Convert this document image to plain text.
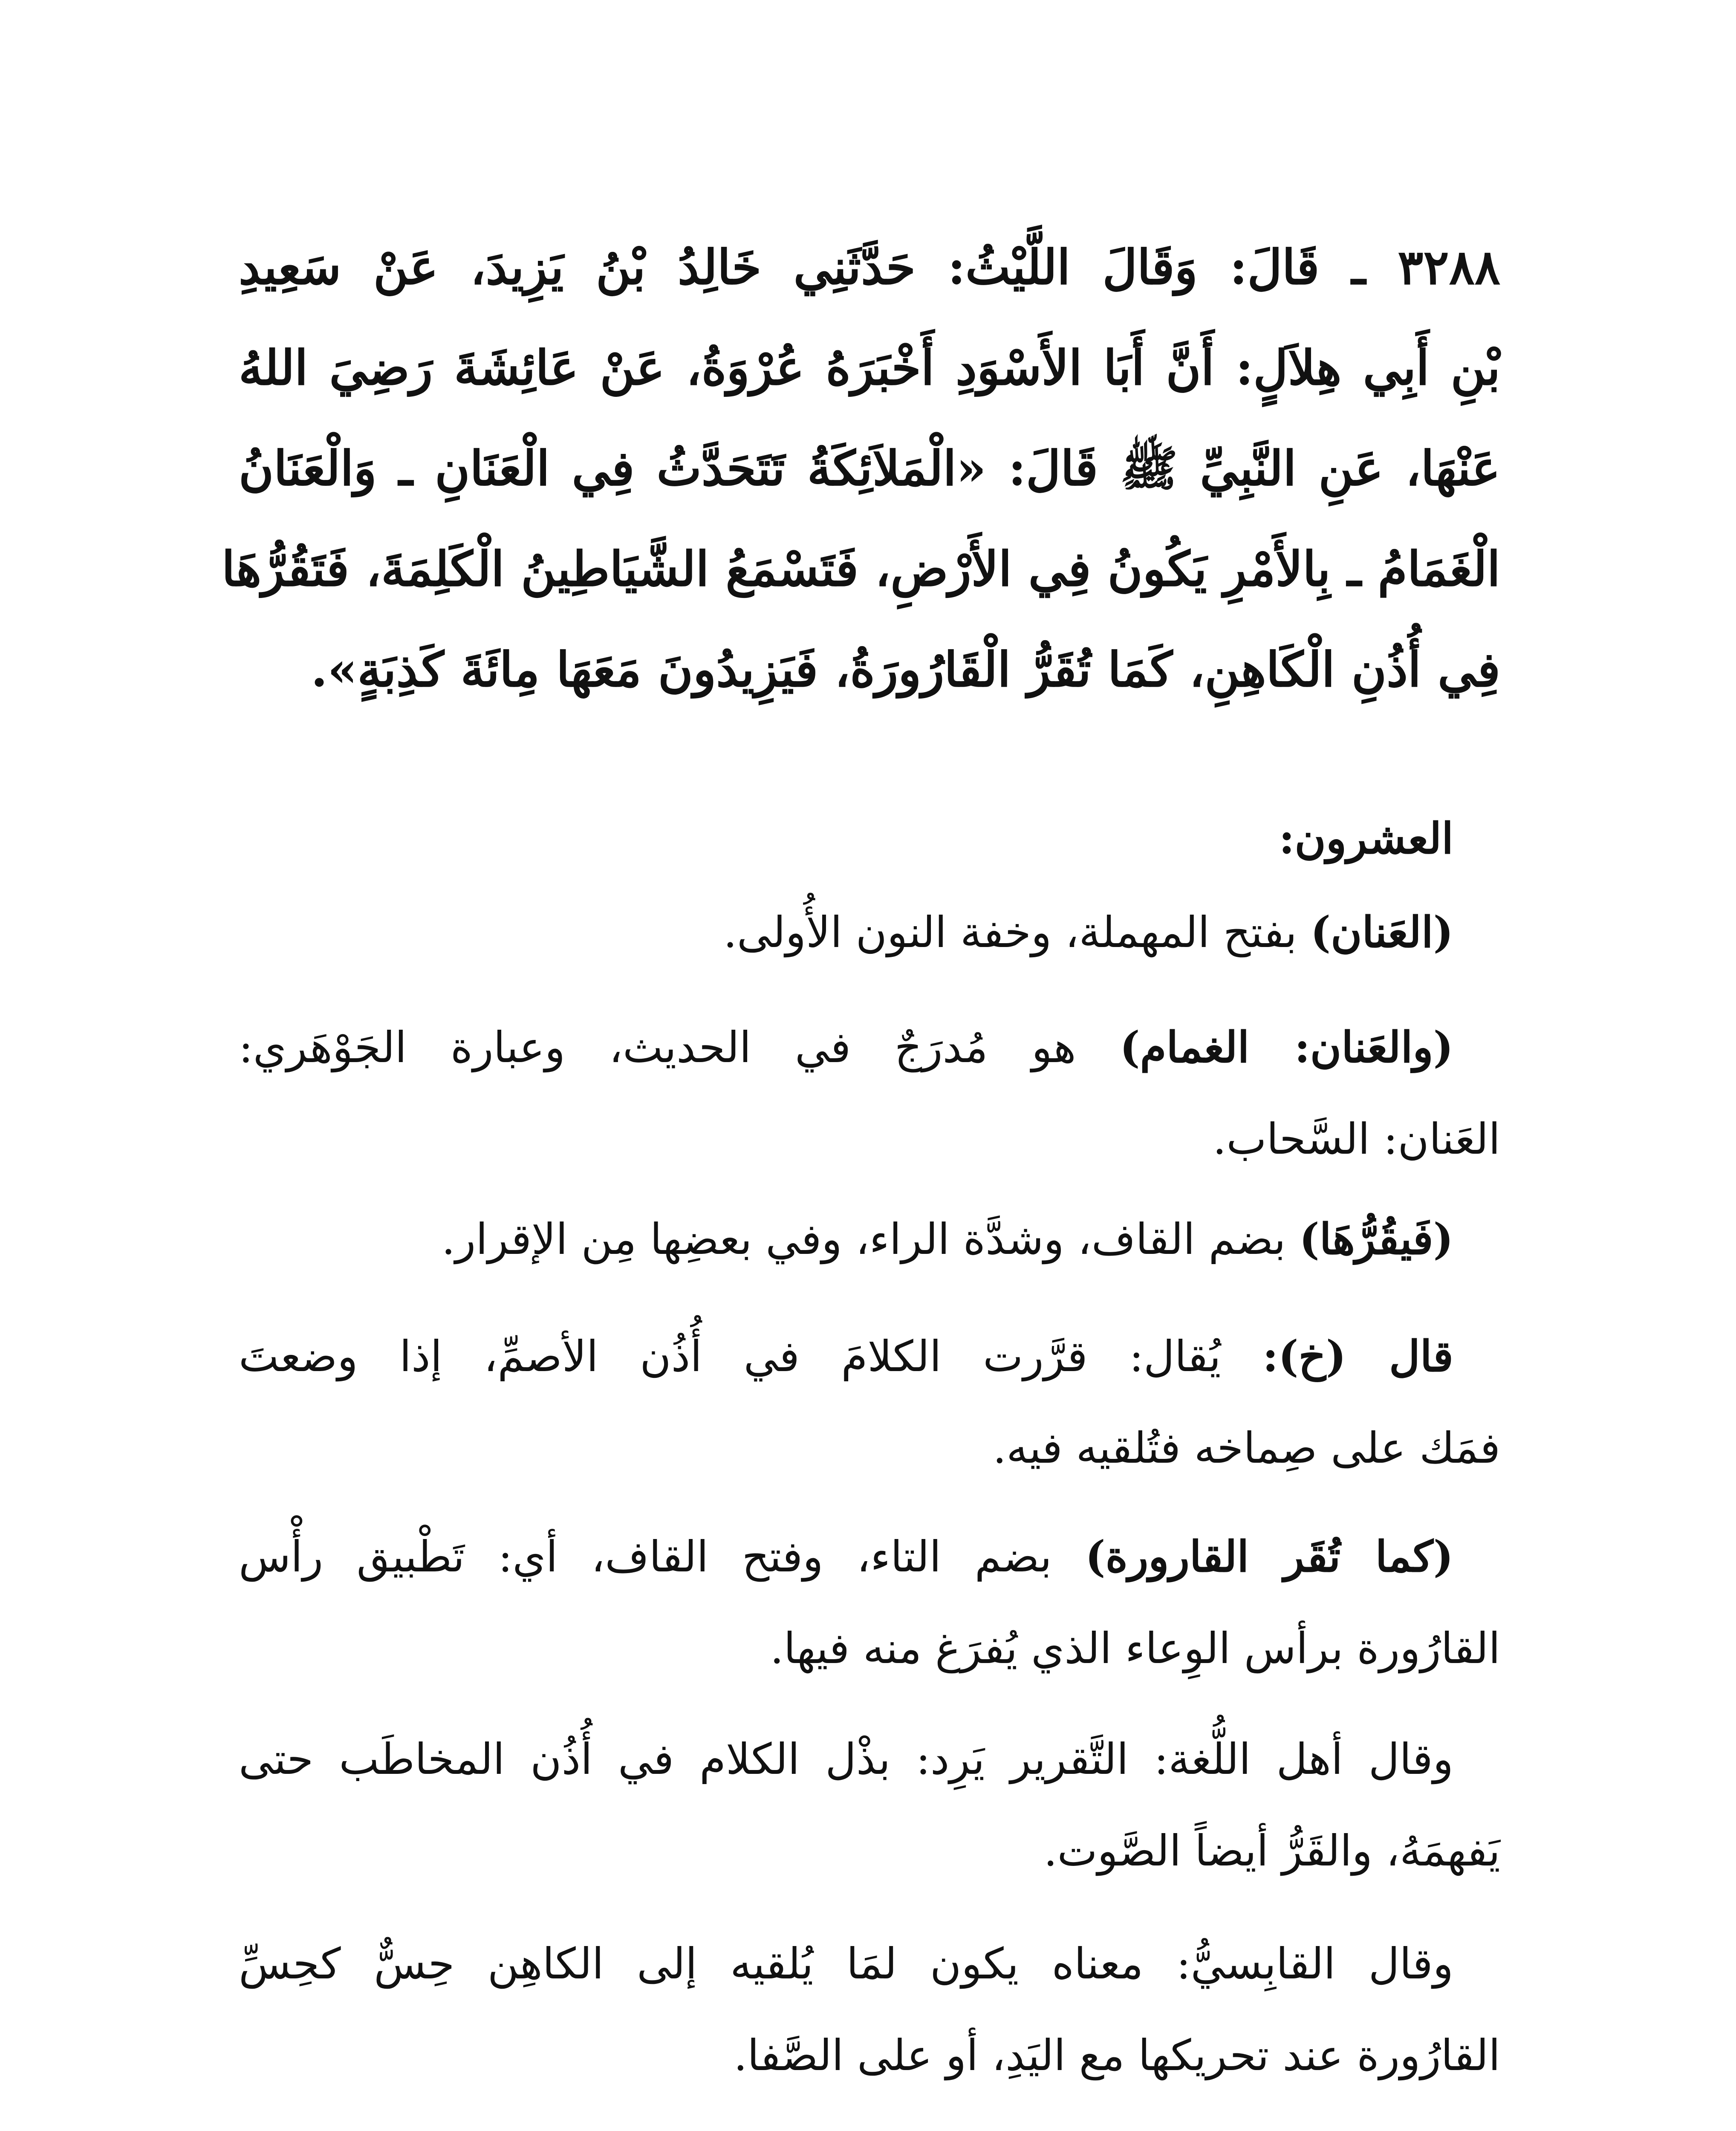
٣٢٨٨ ـ قَالَ: وَقَالَ اللَّيْثُ: حَدَّثَنِي خَالِدُ بْنُ يَزِيدَ، عَنْ سَعِيدِ
بْنِ أَبِي هِلاَلٍ: أَنَّ أَبَا الأَسْوَدِ أَخْبَرَهُ عُرْوَةُ، عَنْ عَائِشَةَ رَضِيَ اللهُ
عَنْهَا، عَنِ النَّبِيِّ ﷺ قَالَ: «الْمَلاَئِكَةُ تَتَحَدَّثُ فِي الْعَنَانِ ـ وَالْعَنَانُ
الْغَمَامُ ـ بِالأَمْرِ يَكُونُ فِي الأَرْضِ، فَتَسْمَعُ الشَّيَاطِينُ الْكَلِمَةَ، فَتَقُرُّهَا
فِي أُذُنِ الْكَاهِنِ، كَمَا تُقَرُّ الْقَارُورَةُ، فَيَزِيدُونَ مَعَهَا مِائَةَ كَذِبَةٍ».
العشرون:
(العَنان) بفتح المهملة، وخفة النون الأُولى.
(والعَنان: الغمام) هو مُدرَجٌ في الحديث، وعبارة الجَوْهَري:
العَنان: السَّحاب.
(فَيقُرُّهَا) بضم القاف، وشدَّة الراء، وفي بعضِها مِن الإقرار.
قال (خ): يُقال: قرَّرت الكلامَ في أُذُن الأصمِّ، إذا وضعتَ
فمَك على صِماخه فتُلقيه فيه.
(كما تُقَر القارورة) بضم التاء، وفتح القاف، أي: تَطْبيق رأْس
القارُورة برأس الوِعاء الذي يُفرَغ منه فيها.
وقال أهل اللُّغة: التَّقرير يَرِد: بذْل الكلام في أُذُن المخاطَب حتى
يَفهمَهُ، والقَرُّ أيضاً الصَّوت.
وقال القابِسيُّ: معناه يكون لمَا يُلقيه إلى الكاهِن حِسٌّ كحِسِّ
القارُورة عند تحريكها مع اليَدِ، أو على الصَّفا.
